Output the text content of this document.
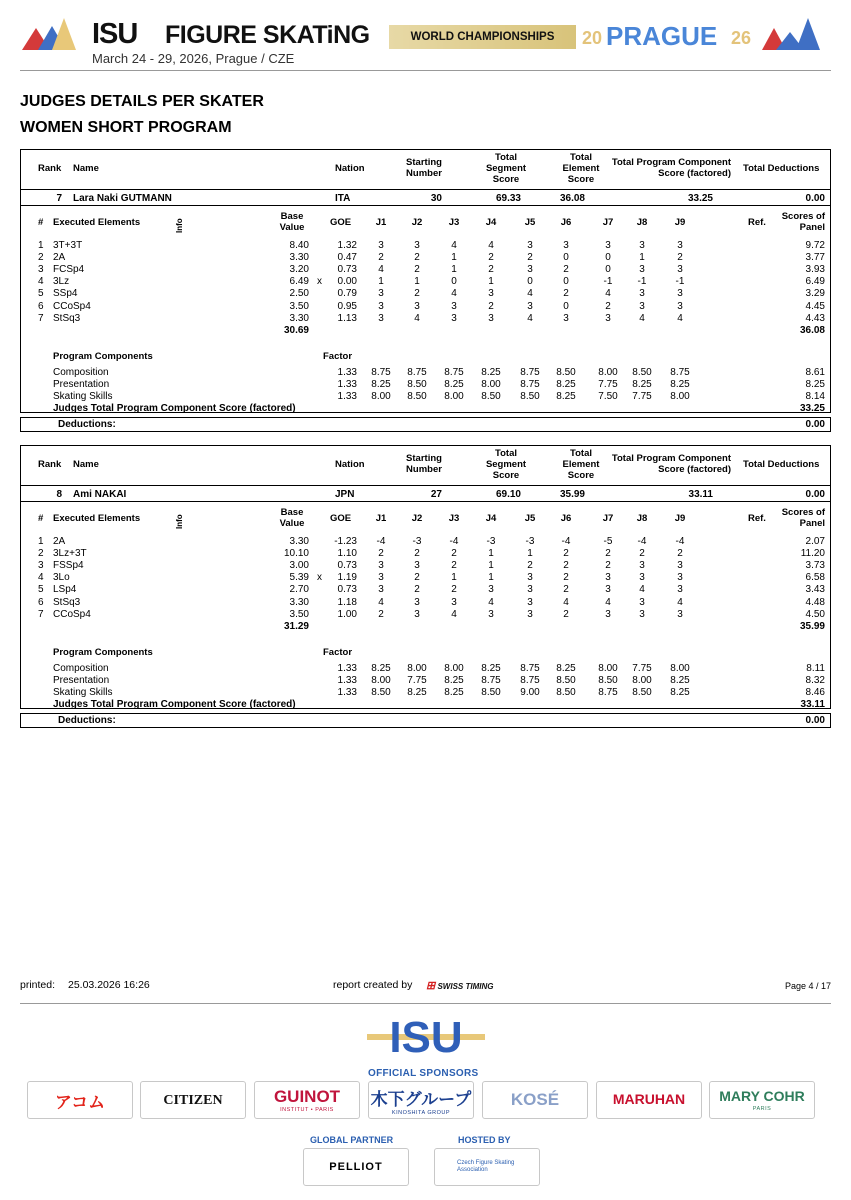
ISU FIGURE SKATiNG	WORLD CHAMPIONSHIPS	20 PRAGUE 26
March 24 - 29, 2026, Prague / CZE
JUDGES DETAILS PER SKATER
WOMEN SHORT PROGRAM
Rank Name	Nation
Starting
Number
Total
Segment
Score
Total
Element
Score
Total Program Component
Score (factored) Total Deductions
7 Lara Naki GUTMANN	ITA	30	69.33	36.08	33.25	0.00
# Executed Elements	Info
Base
Value	GOE	J1	J2	J3	J4	J5	J6	J7	J8	J9	Ref.
Scores of
Panel
1 3T+3T	8.40	1.32	3	3	4	4	3	3	3	3	3	9.72
2 2A	3.30	0.47	2	2	1	2	2	0	0	1	2	3.77
3 FCSp4	3.20	0.73	4	2	1	2	3	2	0	3	3	3.93
4 3Lz	6.49 x	0.00	1	1	0	1	0	0	-1	-1	-1	6.49
5 SSp4	2.50	0.79	3	2	4	3	4	2	4	3	3	3.29
6 CCoSp4	3.50	0.95	3	3	3	2	3	0	2	3	3	4.45
7 StSq3	3.30	1.13	3	4	3	3	4	3	3	4	4	4.43
30.69	36.08
Program Components	Factor
Composition	1.33	8.75	8.75	8.75	8.25	8.75	8.50	8.00	8.50	8.75	8.61
Presentation	1.33	8.25	8.50	8.25	8.00	8.75	8.25	7.75	8.25	8.25	8.25
Skating Skills	1.33	8.00	8.50	8.00	8.50	8.50	8.25	7.50	7.75	8.00	8.14
Judges Total Program Component Score (factored)	33.25
Deductions:	0.00
Rank Name	Nation
Starting
Number
Total
Segment
Score
Total
Element
Score
Total Program Component
Score (factored) Total Deductions
8 Ami NAKAI	JPN	27	69.10	35.99	33.11	0.00
# Executed Elements	Info
Base
Value	GOE	J1	J2	J3	J4	J5	J6	J7	J8	J9	Ref.
Scores of
Panel
1 2A	3.30	-1.23	-4	-3	-4	-3	-3	-4	-5	-4	-4	2.07
2 3Lz+3T	10.10	1.10	2	2	2	1	1	2	2	2	2	11.20
3 FSSp4	3.00	0.73	3	3	2	1	2	2	2	3	3	3.73
4 3Lo	5.39 x	1.19	3	2	1	1	3	2	3	3	3	6.58
5 LSp4	2.70	0.73	3	2	2	3	3	2	3	4	3	3.43
6 StSq3	3.30	1.18	4	3	3	4	3	4	4	3	4	4.48
7 CCoSp4	3.50	1.00	2	3	4	3	3	2	3	3	3	4.50
31.29	35.99
Program Components	Factor
Composition	1.33	8.25	8.00	8.00	8.25	8.75	8.25	8.00	7.75	8.00	8.11
Presentation	1.33	8.00	7.75	8.25	8.75	8.75	8.50	8.50	8.00	8.25	8.32
Skating Skills	1.33	8.50	8.25	8.25	8.50	9.00	8.50	8.75	8.50	8.25	8.46
Judges Total Program Component Score (factored)	33.11
Deductions:	0.00
printed: 25.03.2026 16:26	report created by ⊞ SWISS TIMING	Page 4 / 17
ISU
OFFICIAL SPONSORS
アコム	CITIZEN	GUINOT
INSTITUT • PARIS
木下グループ
KINOSHITA GROUP
KOSÉ	MARUHAN MARY COHR
PARIS
GLOBAL PARTNER
PELLIOT
HOSTED BY
Czech Figure Skating Association
